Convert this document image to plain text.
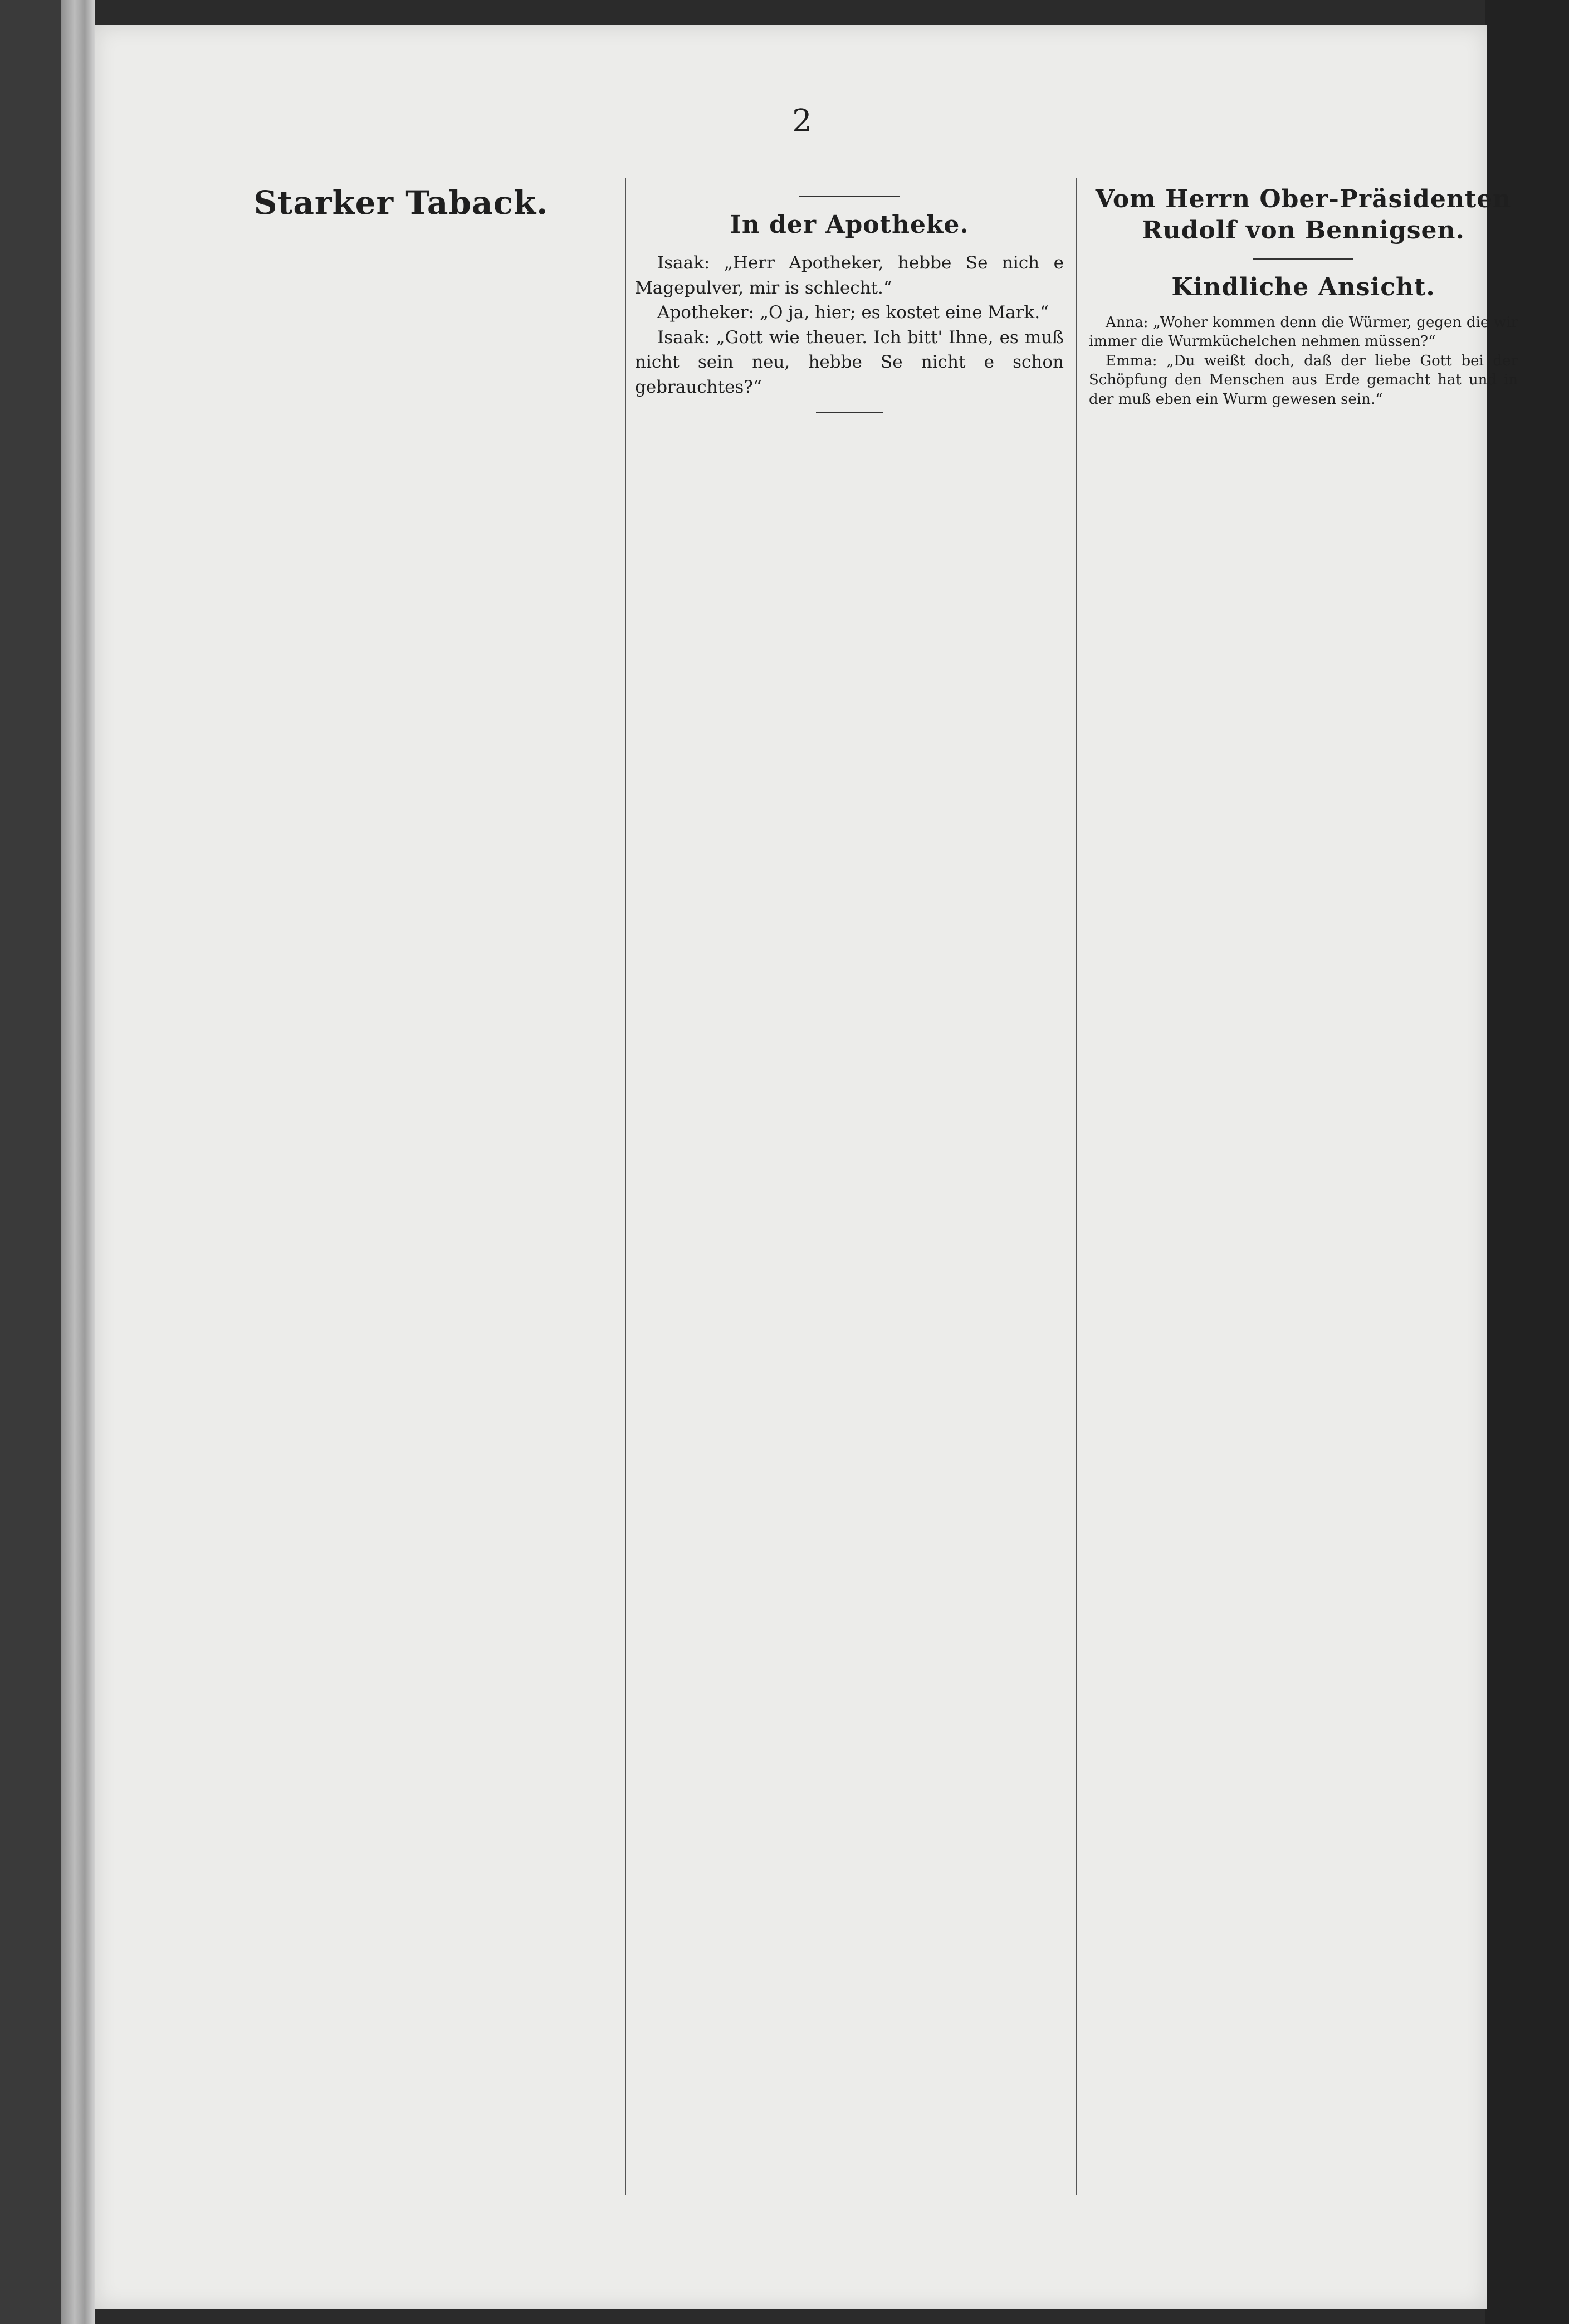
2
Starker Taback.
In der Apotheke.

Isaak: „Herr Apotheker, hebbe Se nich e Magepulver, mir is schlecht.“

Apotheker: „O ja, hier; es kostet eine Mark.“

Isaak: „Gott wie theuer. Ich bitt' Ihne, es muß nicht sein neu, hebbe Se nicht e schon gebrauchtes?“

Vom Herrn Ober-Präsidenten Rudolf von Bennigsen.
Kindliche Ansicht.

Anna: „Woher kommen denn die Würmer, gegen die wir immer die Wurmküchelchen nehmen müssen?“

Emma: „Du weißt doch, daß der liebe Gott bei der Schöpfung den Menschen aus Erde gemacht hat und in der muß eben ein Wurm gewesen sein.“
